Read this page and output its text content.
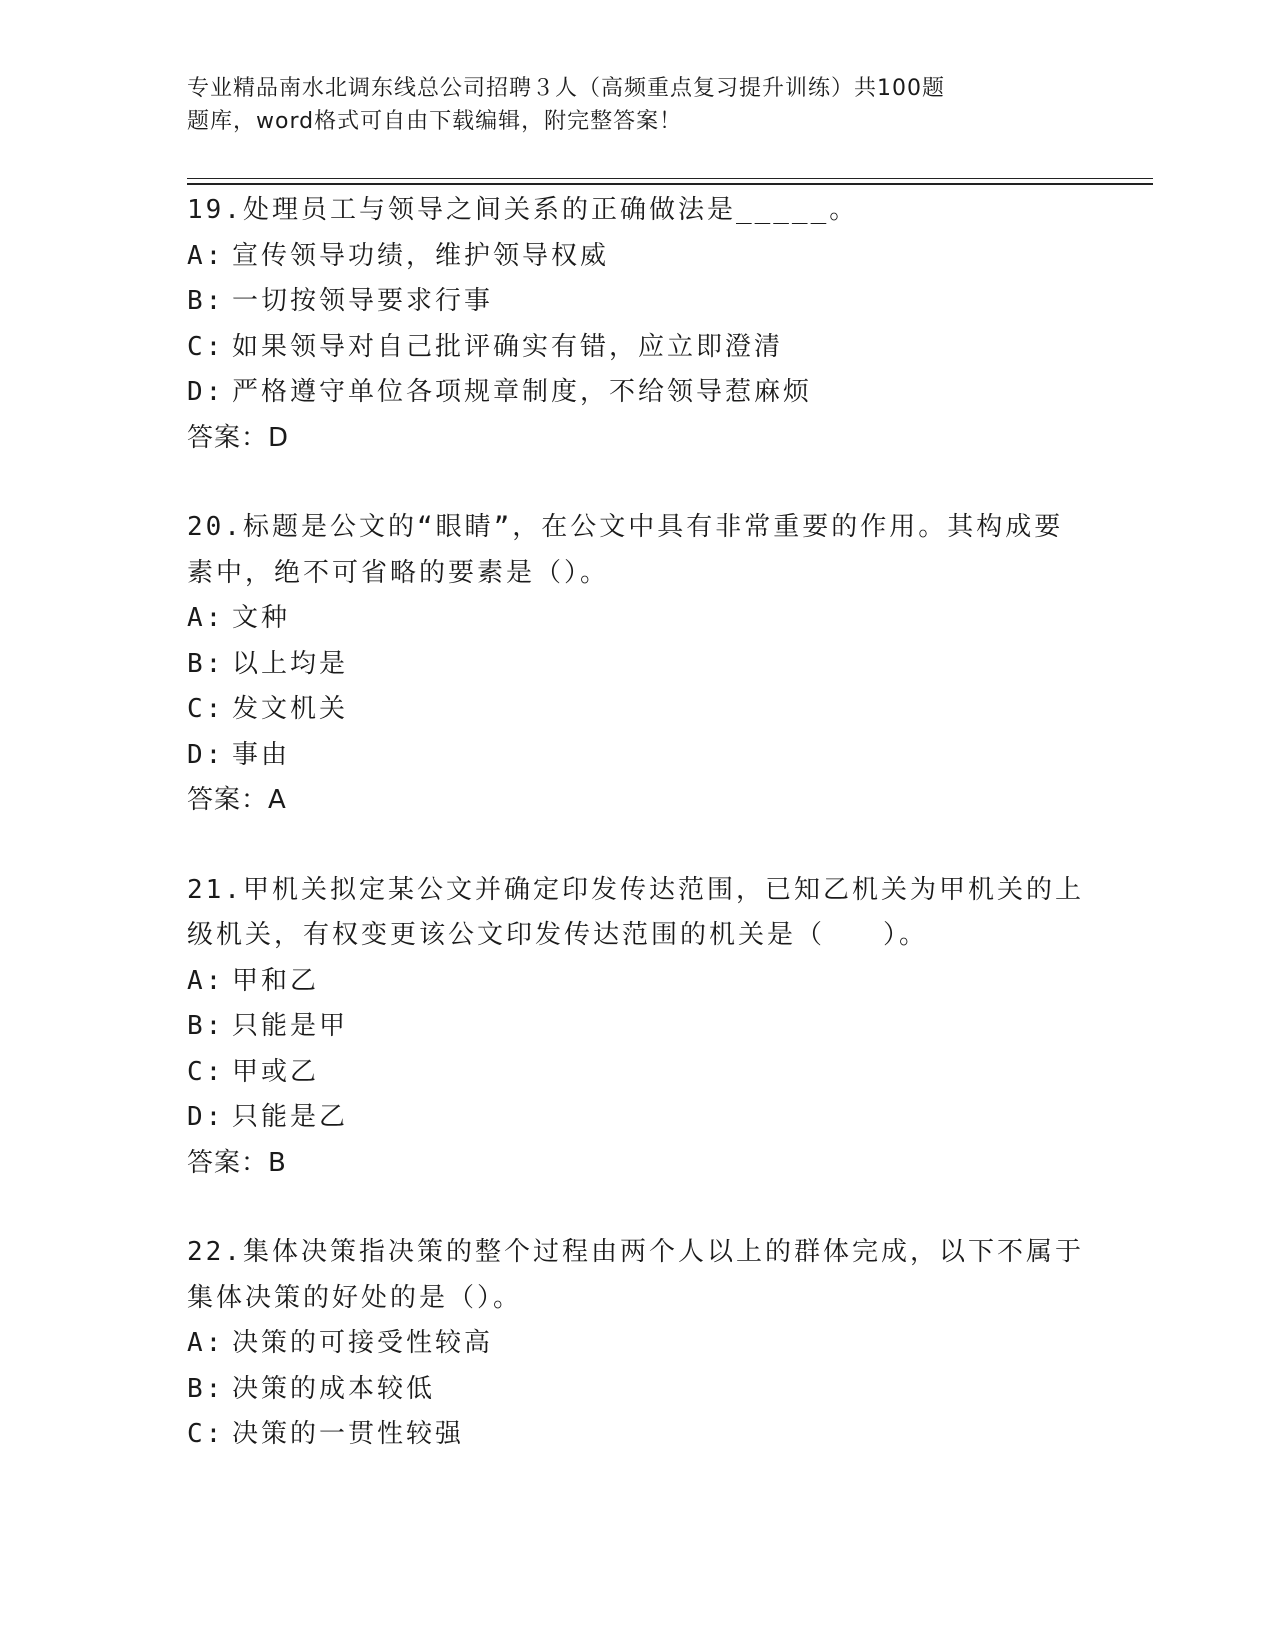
专业精品南水北调东线总公司招聘３人（高频重点复习提升训练）共100题
题库，word格式可自由下载编辑，附完整答案！
19.处理员工与领导之间关系的正确做法是_____。
A: 宣传领导功绩，维护领导权威
B: 一切按领导要求行事
C: 如果领导对自己批评确实有错，应立即澄清
D: 严格遵守单位各项规章制度，不给领导惹麻烦
答案：D
20.标题是公文的“眼睛”，在公文中具有非常重要的作用。其构成要素中，绝不可省略的要素是（）。
A: 文种
B: 以上均是
C: 发文机关
D: 事由
答案：A
21.甲机关拟定某公文并确定印发传达范围，已知乙机关为甲机关的上级机关，有权变更该公文印发传达范围的机关是（　　）。
A: 甲和乙
B: 只能是甲
C: 甲或乙
D: 只能是乙
答案：B
22.集体决策指决策的整个过程由两个人以上的群体完成，以下不属于集体决策的好处的是（）。
A: 决策的可接受性较高
B: 决策的成本较低
C: 决策的一贯性较强
